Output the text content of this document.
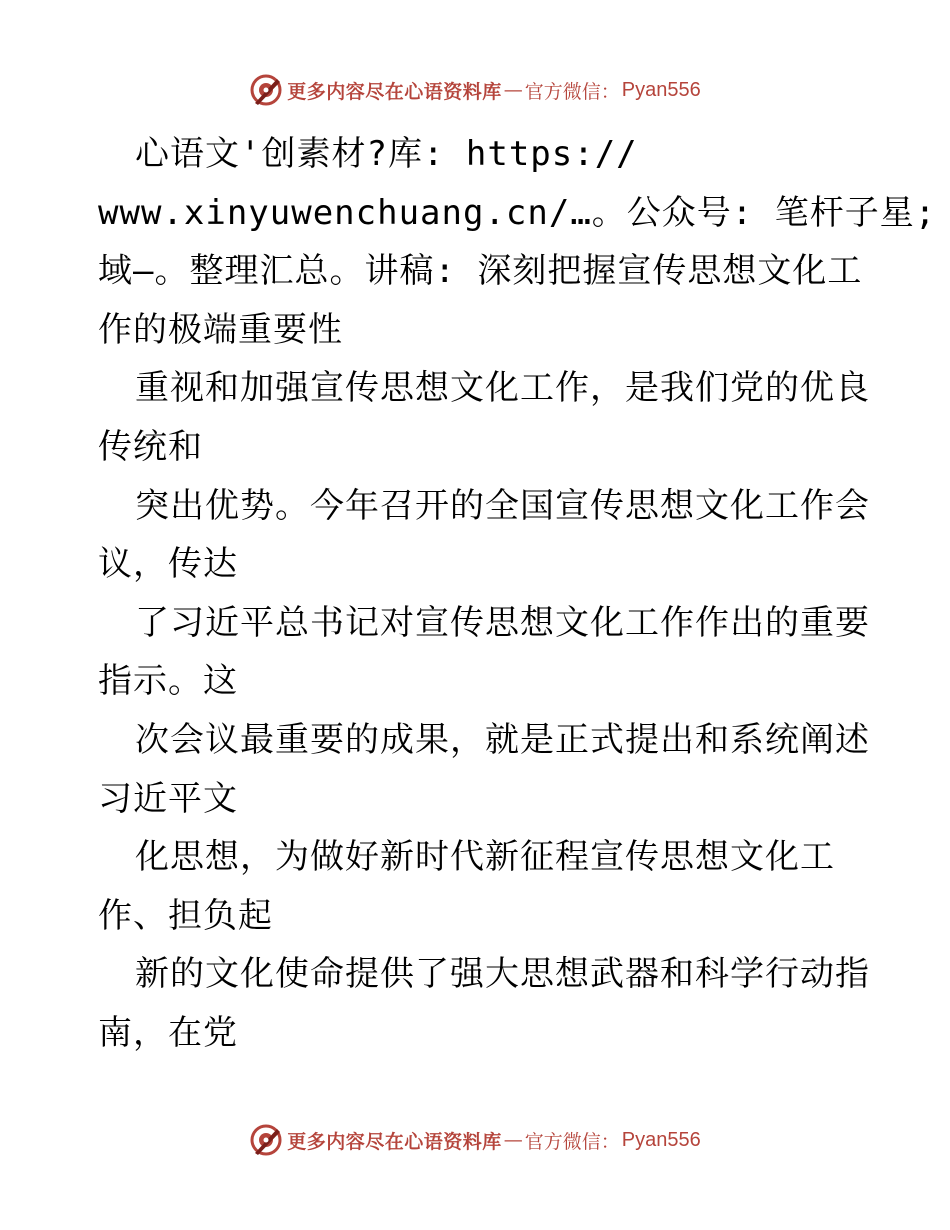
更多内容尽在心语资料库 — 官方微信： Pyan556
心语文'创素材?库: https://
www.xinyuwenchuang.cn/…。公众号: 笔杆子星;
域—。整理汇总。讲稿: 深刻把握宣传思想文化工
作的极端重要性
重视和加强宣传思想文化工作，是我们党的优良
传统和
突出优势。今年召开的全国宣传思想文化工作会
议，传达
了习近平总书记对宣传思想文化工作作出的重要
指示。这
次会议最重要的成果，就是正式提出和系统阐述
习近平文
化思想，为做好新时代新征程宣传思想文化工
作、担负起
新的文化使命提供了强大思想武器和科学行动指
南，在党
更多内容尽在心语资料库 — 官方微信： Pyan556
